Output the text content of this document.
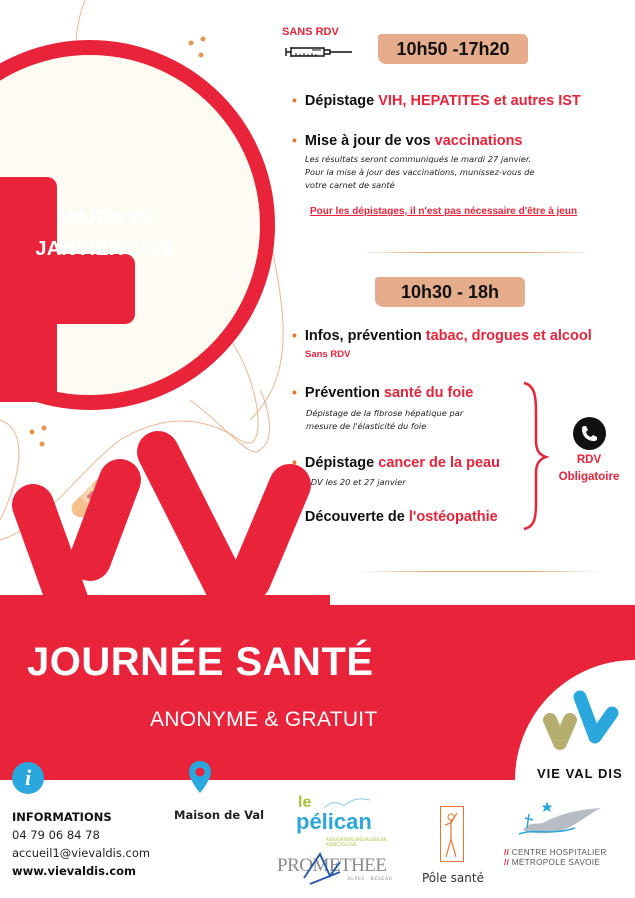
MARDI 20
JANVIER 2026
SANS RDV
10h50 -17h20
• Dépistage VIH, HEPATITES et autres IST
• Mise à jour de vos vaccinations
Les résultats seront communiqués le mardi 27 janvier.
Pour la mise à jour des vaccinations, munissez-vous de
votre carnet de santé
Pour les dépistages, il n'est pas nécessaire d'être à jeun
10h30 - 18h
• Infos, prévention tabac, drogues et alcool
Sans RDV
• Prévention santé du foie
Dépistage de la fibrose hépatique par
mesure de l'élasticité du foie
• Dépistage cancer de la peau
RDV les 20 et 27 janvier
• Découverte de l'ostéopathie
RDV
Obligatoire
JOURNÉE SANTÉ
ANONYME & GRATUIT
VIE VAL DIS
i
INFORMATIONS
04 79 06 84 78
accueil1@vievaldis.com
www.vievaldis.com
Maison de Val
le
pélican
ASSOCIATION SPÉCIALISÉE EN ADDICTOLOGIE
PROMETHEE
ALPES · RESEAU Pôle santé
// CENTRE HOSPITALIER
// MÉTROPOLE SAVOIE
